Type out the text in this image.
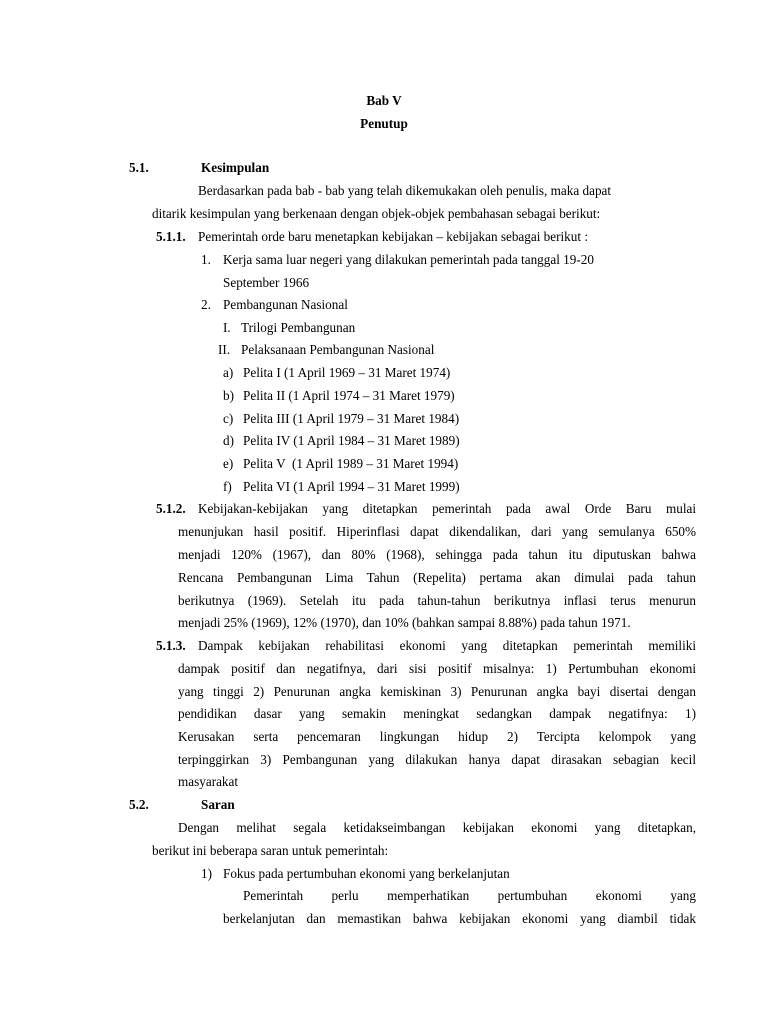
Bab V
Penutup
5.1.	Kesimpulan
Berdasarkan pada bab - bab yang telah dikemukakan oleh penulis, maka dapat
ditarik kesimpulan yang berkenaan dengan objek-objek pembahasan sebagai berikut:
5.1.1. Pemerintah orde baru menetapkan kebijakan – kebijakan sebagai berikut :
1. Kerja sama luar negeri yang dilakukan pemerintah pada tanggal 19-20
September 1966
2. Pembangunan Nasional
I. Trilogi Pembangunan
II. Pelaksanaan Pembangunan Nasional
a) Pelita I (1 April 1969 – 31 Maret 1974)
b) Pelita II (1 April 1974 – 31 Maret 1979)
c) Pelita III (1 April 1979 – 31 Maret 1984)
d) Pelita IV (1 April 1984 – 31 Maret 1989)
e) Pelita V  (1 April 1989 – 31 Maret 1994)
f) Pelita VI (1 April 1994 – 31 Maret 1999)
5.1.2. Kebijakan-kebijakan yang ditetapkan pemerintah pada awal Orde Baru mulai
menunjukan hasil positif. Hiperinflasi dapat dikendalikan, dari yang semulanya 650%
menjadi 120% (1967), dan 80% (1968), sehingga pada tahun itu diputuskan bahwa
Rencana Pembangunan Lima Tahun (Repelita) pertama akan dimulai pada tahun
berikutnya (1969). Setelah itu pada tahun-tahun berikutnya inflasi terus menurun
menjadi 25% (1969), 12% (1970), dan 10% (bahkan sampai 8.88%) pada tahun 1971.
5.1.3. Dampak kebijakan rehabilitasi ekonomi yang ditetapkan pemerintah memiliki
dampak positif dan negatifnya, dari sisi positif misalnya: 1) Pertumbuhan ekonomi
yang tinggi 2) Penurunan angka kemiskinan 3) Penurunan angka bayi disertai dengan
pendidikan dasar yang semakin meningkat sedangkan dampak negatifnya: 1)
Kerusakan serta pencemaran lingkungan hidup 2) Tercipta kelompok yang
terpinggirkan 3) Pembangunan yang dilakukan hanya dapat dirasakan sebagian kecil
masyarakat
5.2.	Saran
Dengan melihat segala ketidakseimbangan kebijakan ekonomi yang ditetapkan,
berikut ini beberapa saran untuk pemerintah:
1) Fokus pada pertumbuhan ekonomi yang berkelanjutan
Pemerintah perlu memperhatikan pertumbuhan ekonomi yang
berkelanjutan dan memastikan bahwa kebijakan ekonomi yang diambil tidak
